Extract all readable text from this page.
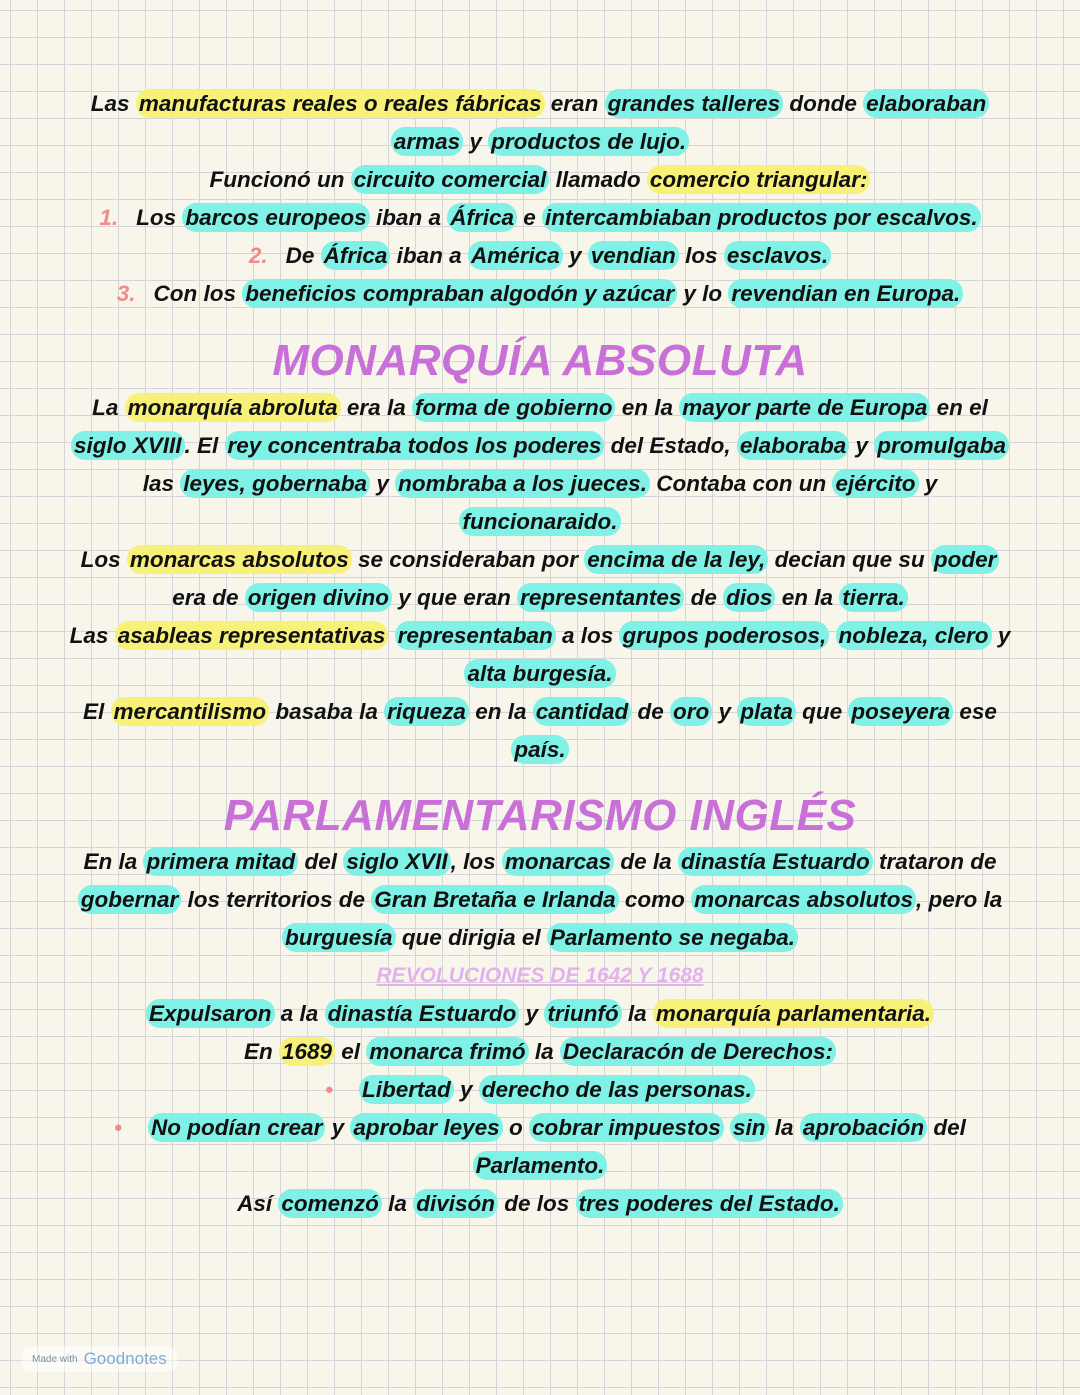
Las manufacturas reales o reales fábricas eran grandes talleres donde elaboraban
armas y productos de lujo.
Funcionó un circuito comercial llamado comercio triangular:
1. Los barcos europeos iban a África e intercambiaban productos por escalvos.
2. De África iban a América y vendian los esclavos.
3. Con los beneficios compraban algodón y azúcar y lo revendian en Europa.
MONARQUÍA ABSOLUTA
La monarquía abroluta era la forma de gobierno en la mayor parte de Europa en el
siglo XVIII . El rey concentraba todos los poderes del Estado, elaboraba y promulgaba
las leyes, gobernaba y nombraba a los jueces. Contaba con un ejército y
funcionaraido.
Los monarcas absolutos se consideraban por encima de la ley, decian que su poder
era de origen divino y que eran representantes de dios en la tierra.
Las asableas representativas representaban a los grupos poderosos, nobleza, clero y
alta burgesía.
El mercantilismo basaba la riqueza en la cantidad de oro y plata que poseyera ese
país.
PARLAMENTARISMO INGLÉS
En la primera mitad del siglo XVII , los monarcas de la dinastía Estuardo trataron de
gobernar los territorios de Gran Bretaña e Irlanda como monarcas absolutos , pero la
burguesía que dirigia el Parlamento se negaba.
REVOLUCIONES DE 1642 Y 1688
Expulsaron a la dinastía Estuardo y triunfó la monarquía parlamentaria.
En 1689 el monarca frimó la Declaracón de Derechos:
• Libertad y derecho de las personas.
• No podían crear y aprobar leyes o cobrar impuestos sin la aprobación del
Parlamento.
Así comenzó la divisón de los tres poderes del Estado.
Made with Goodnotes
